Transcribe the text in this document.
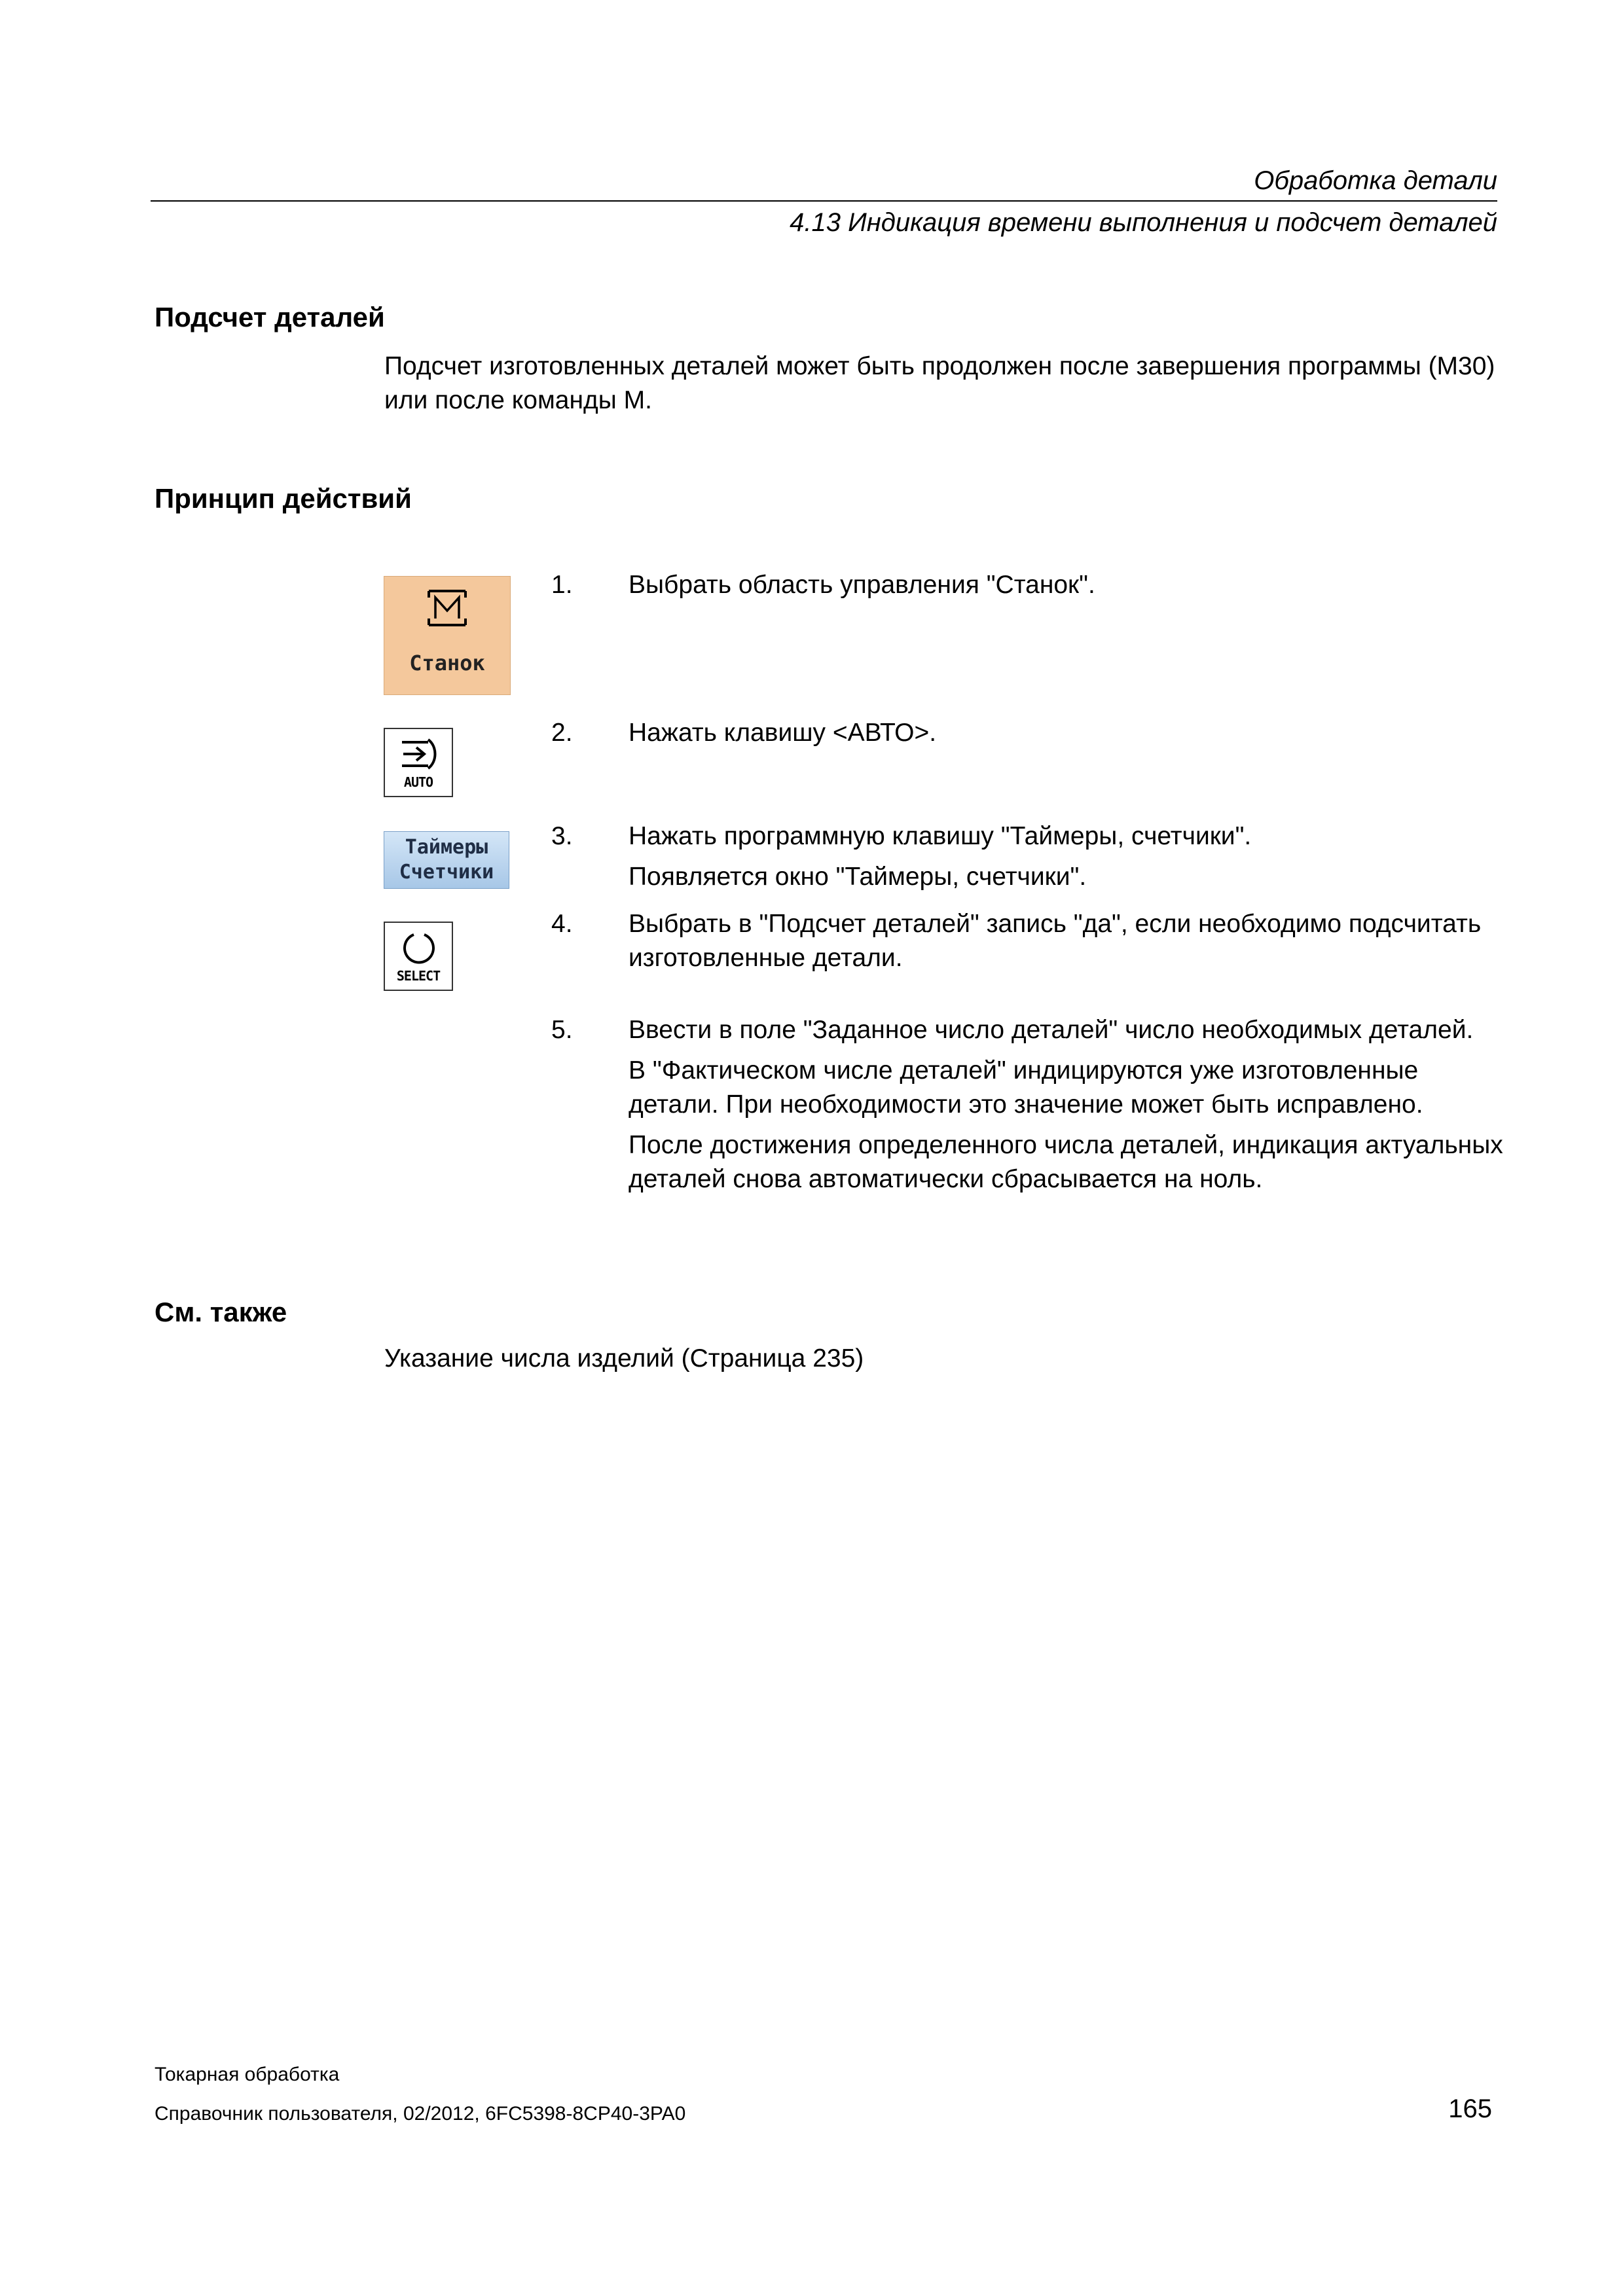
Обработка детали
4.13 Индикация времени выполнения и подсчет деталей
Подсчет деталей
Подсчет изготовленных деталей может быть продолжен после завершения программы (M30) или после команды M.
Принцип действий
Станок
AUTO
Таймеры
Счетчики
SELECT
1. Выбрать область управления "Станок".
2. Нажать клавишу <АВТО>.
3. Нажать программную клавишу "Таймеры, счетчики".
Появляется окно "Таймеры, счетчики".
4. Выбрать в "Подсчет деталей" запись "да", если необходимо подсчитать изготовленные детали.
5. Ввести в поле "Заданное число деталей" число необходимых деталей.
В "Фактическом числе деталей" индицируются уже изготовленные детали. При необходимости это значение может быть исправлено.
После достижения определенного числа деталей, индикация актуальных деталей снова автоматически сбрасывается на ноль.
См. также
Указание числа изделий (Страница 235)
Токарная обработка
Справочник пользователя, 02/2012, 6FC5398-8CP40-3PA0	165
